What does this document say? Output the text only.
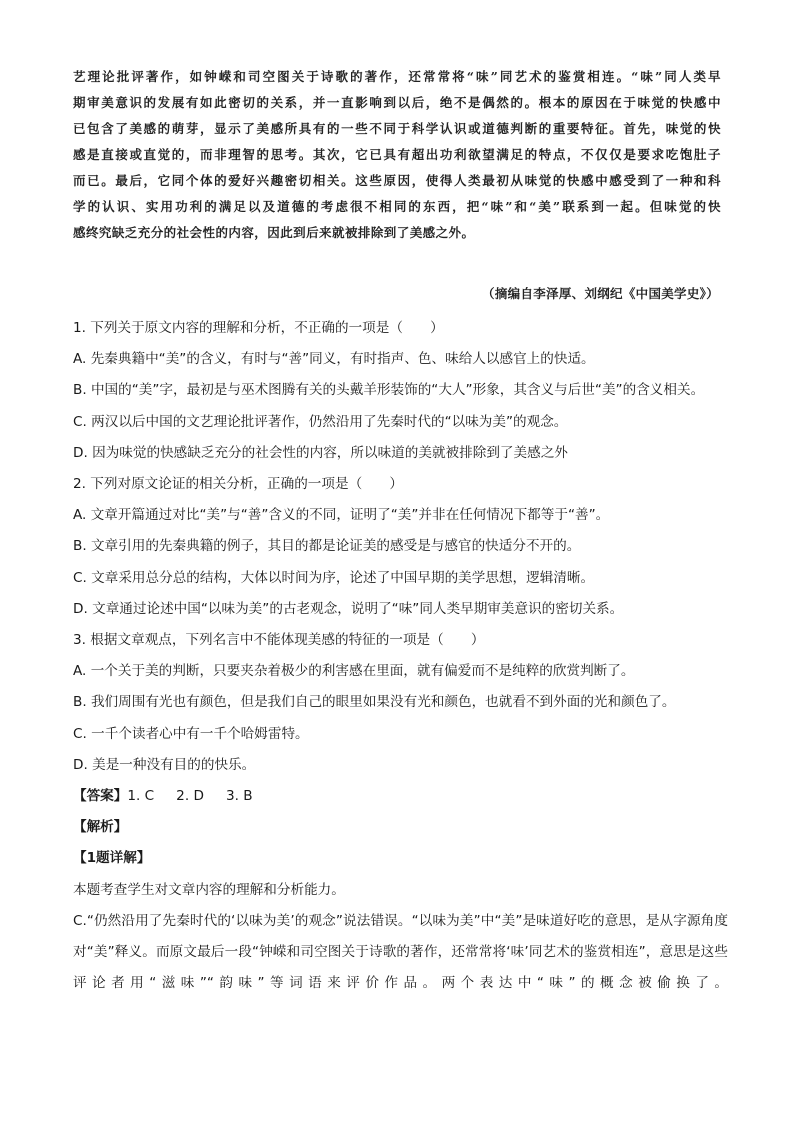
艺理论批评著作，如钟嵘和司空图关于诗歌的著作，还常常将“味”同艺术的鉴赏相连。“味”同人类早

期审美意识的发展有如此密切的关系，并一直影响到以后，绝不是偶然的。根本的原因在于味觉的快感中

已包含了美感的萌芽，显示了美感所具有的一些不同于科学认识或道德判断的重要特征。首先，味觉的快

感是直接或直觉的，而非理智的思考。其次，它已具有超出功利欲望满足的特点，不仅仅是要求吃饱肚子

而已。最后，它同个体的爱好兴趣密切相关。这些原因，使得人类最初从味觉的快感中感受到了一种和科

学的认识、实用功利的满足以及道德的考虑很不相同的东西，把“味”和“美”联系到一起。但味觉的快

感终究缺乏充分的社会性的内容，因此到后来就被排除到了美感之外。

（摘编自李泽厚、刘纲纪《中国美学史》）

1. 下列关于原文内容的理解和分析，不正确的一项是（　　）

A. 先秦典籍中“美”的含义，有时与“善”同义，有时指声、色、味给人以感官上的快适。

B. 中国的“美”字，最初是与巫术图腾有关的头戴羊形装饰的“大人”形象，其含义与后世“美”的含义相关。

C. 两汉以后中国的文艺理论批评著作，仍然沿用了先秦时代的“以味为美”的观念。

D. 因为味觉的快感缺乏充分的社会性的内容，所以味道的美就被排除到了美感之外

2. 下列对原文论证的相关分析，正确的一项是（　　）

A. 文章开篇通过对比“美”与“善”含义的不同，证明了“美”并非在任何情况下都等于“善”。

B. 文章引用的先秦典籍的例子，其目的都是论证美的感受是与感官的快适分不开的。

C. 文章采用总分总的结构，大体以时间为序，论述了中国早期的美学思想，逻辑清晰。

D. 文章通过论述中国“以味为美”的古老观念，说明了“味”同人类早期审美意识的密切关系。

3. 根据文章观点，下列名言中不能体现美感的特征的一项是（　　）

A. 一个关于美的判断，只要夹杂着极少的利害感在里面，就有偏爱而不是纯粹的欣赏判断了。

B. 我们周围有光也有颜色，但是我们自己的眼里如果没有光和颜色，也就看不到外面的光和颜色了。

C. 一千个读者心中有一千个哈姆雷特。

D. 美是一种没有目的的快乐。

【答案】1. C 2. D 3. B

【解析】

【1题详解】

本题考查学生对文章内容的理解和分析能力。

C.“仍然沿用了先秦时代的‘以味为美’的观念”说法错误。“以味为美”中“美”是味道好吃的意思，是从字源角度对“美”释义。而原文最后一段“钟嵘和司空图关于诗歌的著作，还常常将‘味’同艺术的鉴赏相连”，意思是这些评论者用“滋味”“韵味”等词语来评价作品。两个表达中“味”的概念被偷换了。
